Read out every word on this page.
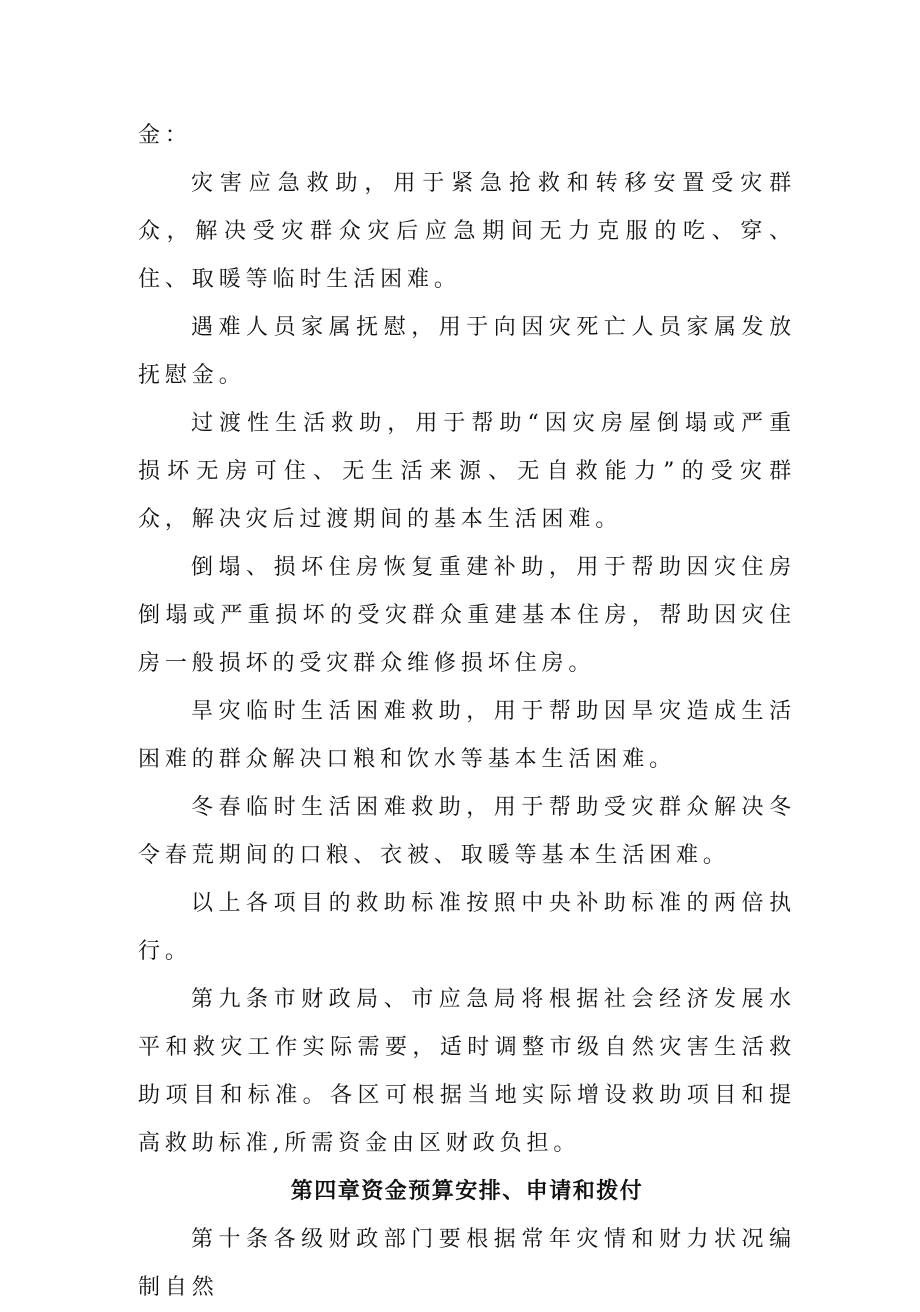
金：

灾害应急救助，用于紧急抢救和转移安置受灾群众，解决受灾群众灾后应急期间无力克服的吃、穿、住、取暖等临时生活困难。

遇难人员家属抚慰，用于向因灾死亡人员家属发放抚慰金。

过渡性生活救助，用于帮助“因灾房屋倒塌或严重损坏无房可住、无生活来源、无自救能力”的受灾群众，解决灾后过渡期间的基本生活困难。

倒塌、损坏住房恢复重建补助，用于帮助因灾住房倒塌或严重损坏的受灾群众重建基本住房，帮助因灾住房一般损坏的受灾群众维修损坏住房。

旱灾临时生活困难救助，用于帮助因旱灾造成生活困难的群众解决口粮和饮水等基本生活困难。

冬春临时生活困难救助，用于帮助受灾群众解决冬令春荒期间的口粮、衣被、取暖等基本生活困难。

以上各项目的救助标准按照中央补助标准的两倍执行。

第九条市财政局、市应急局将根据社会经济发展水平和救灾工作实际需要，适时调整市级自然灾害生活救助项目和标准。各区可根据当地实际增设救助项目和提高救助标准,所需资金由区财政负担。

第四章资金预算安排、申请和拨付

第十条各级财政部门要根据常年灾情和财力状况编制自然
